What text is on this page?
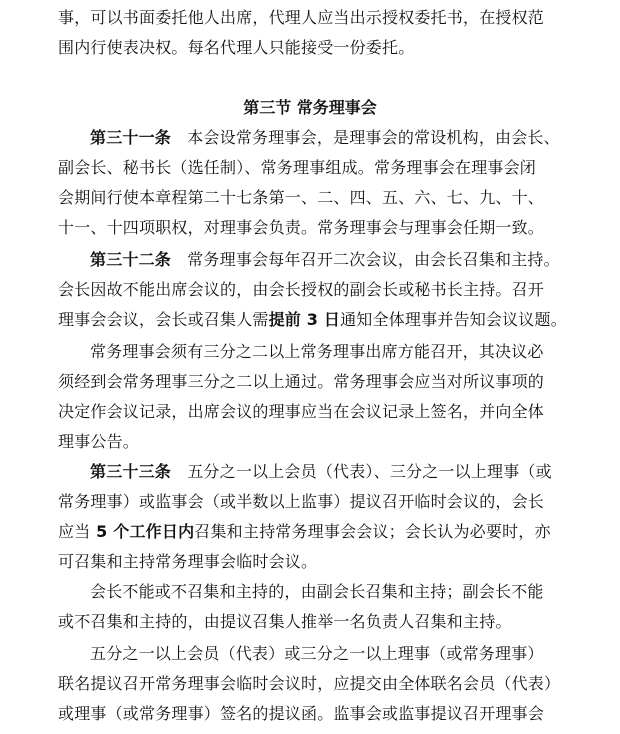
事，可以书面委托他人出席，代理人应当出示授权委托书，在授权范
围内行使表决权。每名代理人只能接受一份委托。
第三节 常务理事会
第三十一条　本会设常务理事会，是理事会的常设机构，由会长、
副会长、秘书长（选任制）、常务理事组成。常务理事会在理事会闭
会期间行使本章程第二十七条第一、二、四、五、六、七、九、十、
十一、十四项职权，对理事会负责。常务理事会与理事会任期一致。
第三十二条　常务理事会每年召开二次会议，由会长召集和主持。
会长因故不能出席会议的，由会长授权的副会长或秘书长主持。召开
理事会会议，会长或召集人需提前 3 日通知全体理事并告知会议议题。
常务理事会须有三分之二以上常务理事出席方能召开，其决议必
须经到会常务理事三分之二以上通过。常务理事会应当对所议事项的
决定作会议记录，出席会议的理事应当在会议记录上签名，并向全体
理事公告。
第三十三条　五分之一以上会员（代表）、三分之一以上理事（或
常务理事）或监事会（或半数以上监事）提议召开临时会议的，会长
应当 5 个工作日内召集和主持常务理事会会议；会长认为必要时，亦
可召集和主持常务理事会临时会议。
会长不能或不召集和主持的，由副会长召集和主持；副会长不能
或不召集和主持的，由提议召集人推举一名负责人召集和主持。
五分之一以上会员（代表）或三分之一以上理事（或常务理事）
联名提议召开常务理事会临时会议时，应提交由全体联名会员（代表）
或理事（或常务理事）签名的提议函。监事会或监事提议召开理事会
